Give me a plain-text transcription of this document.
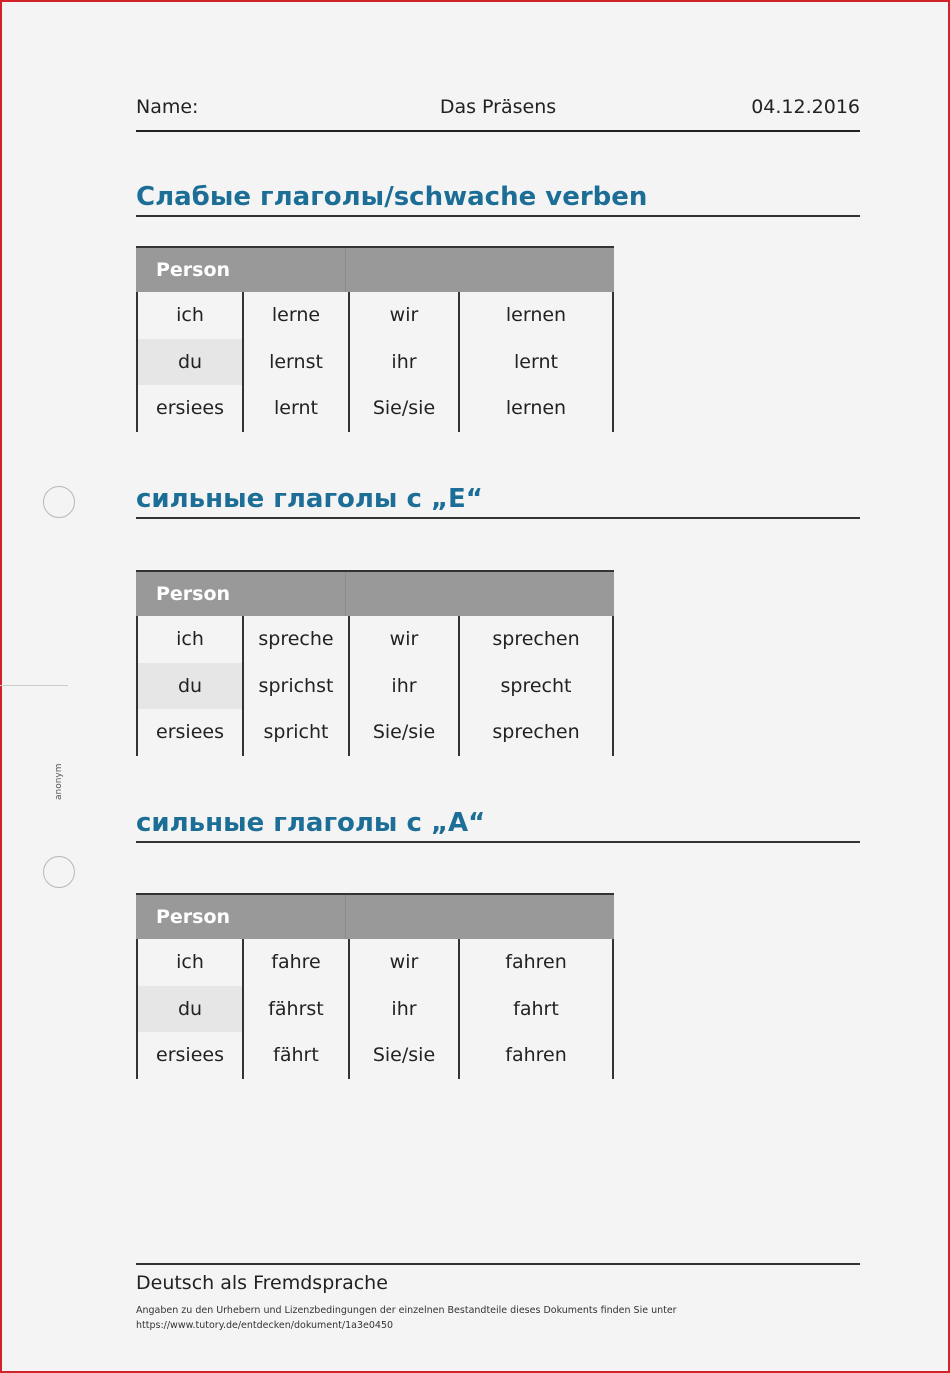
Name:	Das Präsens	04.12.2016
Слабые глаголы/schwache verben
Person
ich	lerne	wir	lernen
du	lernst	ihr	lernt
ersiees	lernt	Sie/sie	lernen
сильные глаголы с „E“
Person
ich	spreche	wir	sprechen
du	sprichst	ihr	sprecht
ersiees	spricht	Sie/sie	sprechen
сильные глаголы с „A“
Person
ich	fahre	wir	fahren
du	fährst	ihr	fahrt
ersiees	fährt	Sie/sie	fahren
anonym
Deutsch als Fremdsprache
Angaben zu den Urhebern und Lizenzbedingungen der einzelnen Bestandteile dieses Dokuments finden Sie unter
https://www.tutory.de/entdecken/dokument/1a3e0450
